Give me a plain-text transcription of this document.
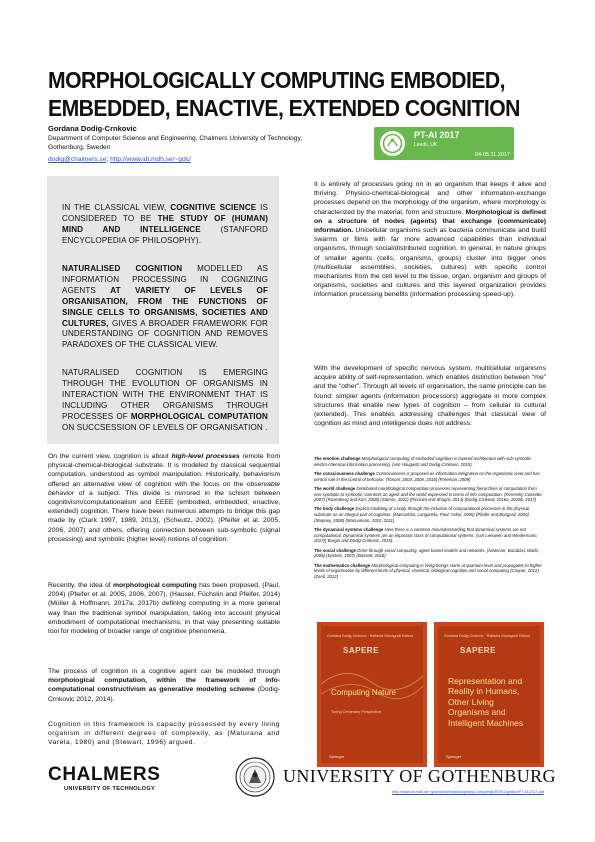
MORPHOLOGICALLY COMPUTING EMBODIED,
EMBEDDED, ENACTIVE, EXTENDED COGNITION
Gordana Dodig-Crnkovic
Department of Computer Science and Engineering, Chalmers University of Technology, Gothenburg, Sweden
dodig@chalmers.se; http://www.idt.mdh.se/~gdc/
PT-AI 2017
Leeds, UK
04-05.11.2017
IN THE CLASSICAL VIEW, COGNITIVE SCIENCE IS CONSIDERED TO BE THE STUDY OF (HUMAN) MIND AND INTELLIGENCE (STANFORD ENCYCLOPEDIA OF PHILOSOPHY).
NATURALISED COGNITION MODELLED AS INFORMATION PROCESSING IN COGNIZING AGENTS AT VARIETY OF LEVELS OF ORGANISATION, FROM THE FUNCTIONS OF SINGLE CELLS TO ORGANISMS, SOCIETIES AND CULTURES, GIVES A BROADER FRAMEWORK FOR UNDERSTANDING OF COGNITION AND REMOVES PARADOXES OF THE CLASSICAL VIEW.
NATURALISED COGNITION IS EMERGING THROUGH THE EVOLUTION OF ORGANISMS IN INTERACTION WITH THE ENVIRONMENT THAT IS INCLUDING OTHER ORGANISMS THROUGH PROCESSES OF MORPHOLOGICAL COMPUTATION ON SUCCSESSION OF LEVELS OF ORGANISATION .
On the current view, cognition is about high-level processes remote from physical-chemical-biological substrate. It is modeled by classical sequential computation, understood as symbol manipulation. Historically, behaviorism offered an alternative view of cognition with the focus on the observable behavior of a subject. This divide is mirrored in the schism between cognitivism/computationalism and EEEE (embodied, embedded, enactive, extended) cognition. There have been numerous attempts to bridge this gap made by (Clark 1997, 1989, 2013), (Scheutz, 2002), (Pfeifer et al. 2005, 2006, 2007) and others, offering connection between sub-symbolic (signal processing) and symbolic (higher level) notions of cognition.
Recently, the idea of morphological computing has been proposed, (Paul, 2004) (Pfeifer et al. 2005, 2006, 2007), (Hauser, Füchslin and Pfeifer, 2014) (Müller & Hoffmann, 2017a, 2017b) defining computing in a more general way than the traditional symbol manipulation, taking into account physical embodiment of computational mechanisms, in that way presenting suitable tool for modeling of broader range of cognitive phenomena.
The process of cognition in a cognitive agent can be modeled through morphological computation, within the framework of info-computational constructivism as generative modeling scheme (Dodig-Crnkovic 2012, 2014).
Cognition in this framework is capacity possessed by every living organism in different degrees of complexity, as (Maturana and Varela, 1980) and (Stewart, 1996) argued.
It is entirely of processes going on in an organism that keeps it alive and thriving. Physico-chemical-biological and other information-exchange processes depend on the morphology of the organism, where morphology is characterized by the material, form and structure. Morphological is defined on a structure of nodes (agents) that exchange (communicate) information. Unicellular organisms such as bacteria communicate and build swarms or films with far more advanced capabilities than individual organisms, through social/distributed cognition. In general, in nature groups of smaller agents (cells, organisms, groups) cluster into bigger ones (multicellular assemblies, societies, cultures) with specific control mechanisms from the cell level to the tissue, organ, organism and groups of organisms, societies and cultures and this layered organization provides information processing benefits (information processing speed-up).
With the development of specific nervous system, multicellular organisms acquire ability of self-representation, which enables distinction between “me” and the “other”. Through all levels of organisation, the same principle can be found: simpler agents (information processors) aggregate in more complex structures that enable new types of cognition – from cellular to cultural (extended). This enables addressing challenges that classical view of cognition as mind and intelligence does not address:
The emotion challenge Morphological computing of embodied cognition is layered architecture with sub-symbolic electro-chemical information processing. (von Haugwitz and Dodig-Crnkovic, 2015)
The consciousness challenge Consciousness is proposed as information integration on the organismic level and has central role in the control of behavior. (Tononi, 2004, 2008, 2015) (Freeman, 2009)
The world challenge Distributed morphological computation processes representing hierarchies of computation from non-symbolic to symbolic, connects an agent and the world expressed in terms of info-computation. (Kerensky Cossette, 2007) (Rozenberg and Kari, 2008) (Stamm, 2011) (Piccinini and Shagrir, 2014) (Dodig-Crnkovic 2016a, 2016b, 2017)
The body challenge Explicit modeling of a body through the inclusion of computational processes in the physical substrate as an integral part of cognition. (Matsushita, Lungarella, Paul, Yokoi, 2005) (Pfeifer and Bongard, 2006) (Stepney, 2008) (MacLennan, 2010, 2011)
The dynamical systems challenge Here there is a common misunderstanding that dynamical systems are not computational. Dynamical systems are an important class of computational systems. (van Leeuwen and Wiedermann, 2017)( Burgin and Dodig-Crnkovic, 2015).
The social challenge Done through social computing, agent-based models and networks. (Newman, Barabási, Watts, 2006) (Epstein, 2007) (Bassett, 2016)
The mathematics challenge Morphological computing in living beings starts at quantum level and propagates to higher levels of organisation by different kinds of physical, chemical, biological cognitive and social computing (Cooper, 2012) (Zenil, 2012)
Gordana Dodig-Crnkovic · Raffaela Giovagnoli Editors
SAPERE
Computing Nature
Turing Centenary Perspective
Springer
Gordana Dodig-Crnkovic · Raffaela Giovagnoli Editors
SAPERE
Representation and Reality in Humans, Other Living Organisms and Intelligent Machines
Springer
CHALMERS
UNIVERSITY OF TECHNOLOGY
UNIVERSITY OF GOTHENBURG
http://www.idt.mdh.se/~gdc/work/MorphologicallyComputingEEEECognitionPT-AI-2017.pdf
